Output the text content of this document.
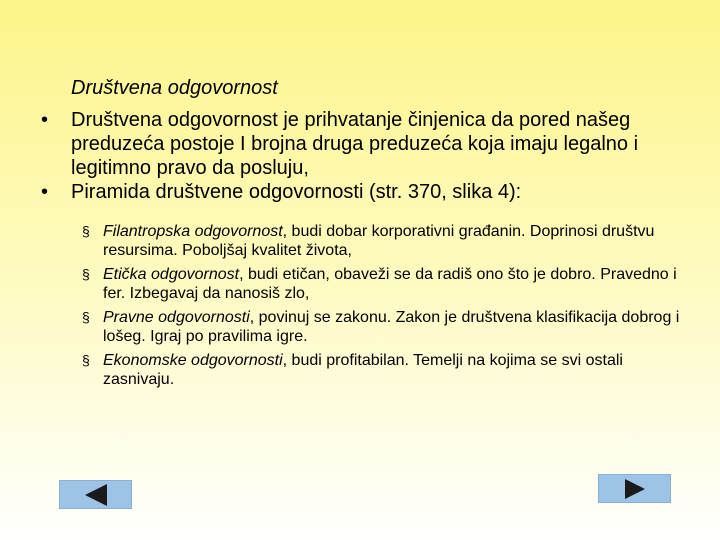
Društvena odgovornost
• Društvena odgovornost je prihvatanje činjenica da pored našeg preduzeća postoje I brojna druga preduzeća koja imaju legalno i legitimno pravo da posluju,
• Piramida društvene odgovornosti (str. 370, slika 4):
§ Filantropska odgovornost, budi dobar korporativni građanin. Doprinosi društvu resursima. Poboljšaj kvalitet života,
§ Etička odgovornost, budi etičan, obaveži se da radiš ono što je dobro. Pravedno i fer. Izbegavaj da nanosiš zlo,
§ Pravne odgovornosti, povinuj se zakonu. Zakon je društvena klasifikacija dobrog i lošeg. Igraj po pravilima igre.
§ Ekonomske odgovornosti, budi profitabilan. Temelji na kojima se svi ostali zasnivaju.
